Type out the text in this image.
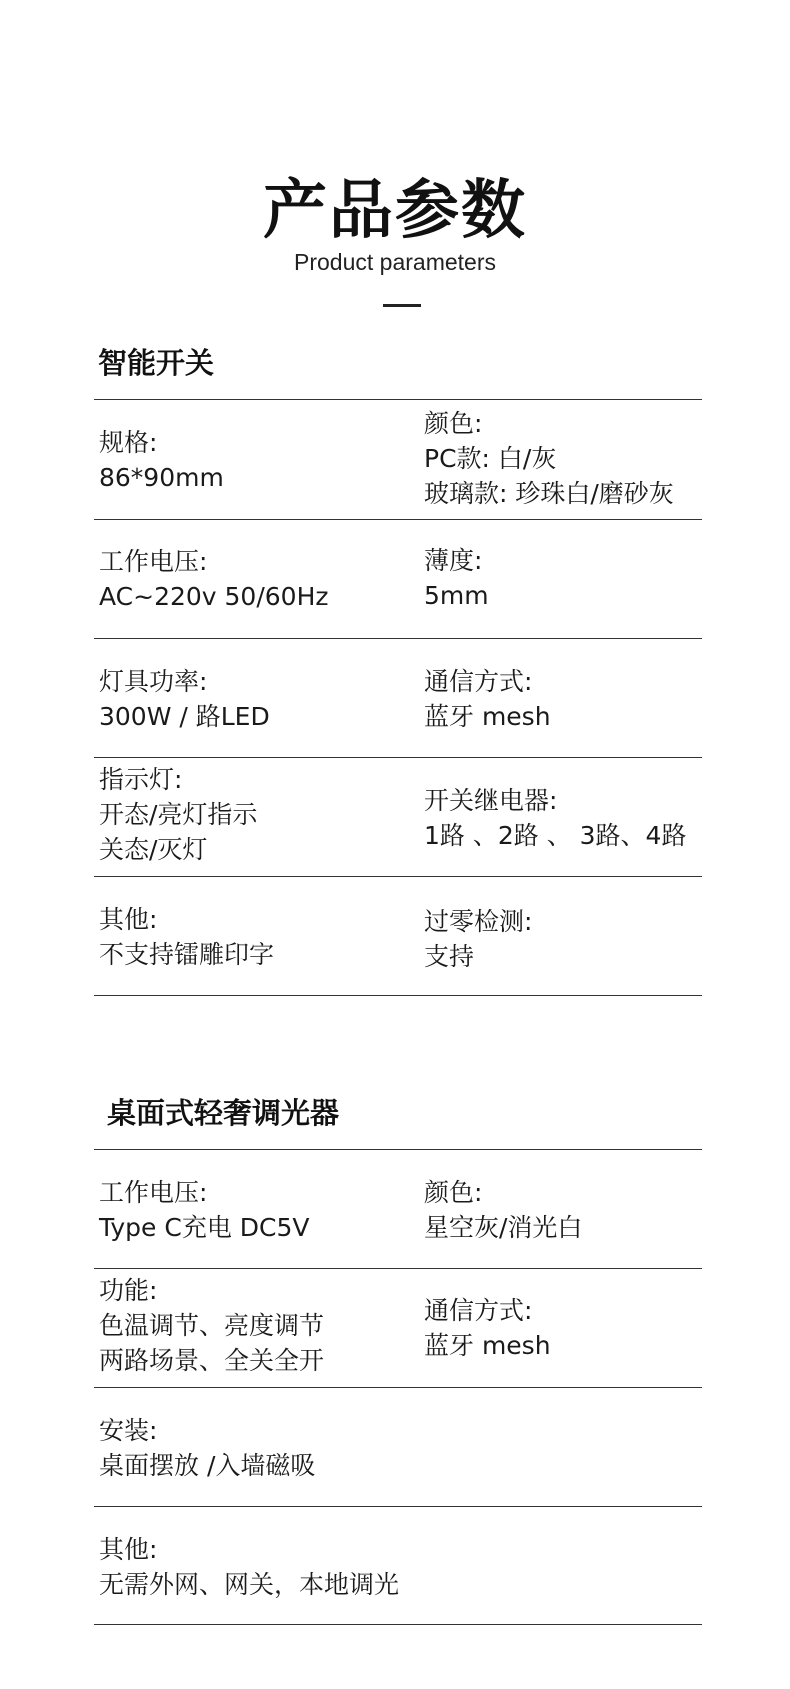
产品参数
Product parameters
智能开关
规格:
86*90mm
颜色:
PC款: 白/灰
玻璃款: 珍珠白/磨砂灰
工作电压:
AC~220v 50/60Hz
薄度:
5mm
灯具功率:
300W / 路LED
通信方式:
蓝牙 mesh
指示灯:
开态/亮灯指示
关态/灭灯
开关继电器:
1路 、2路 、 3路、4路
其他:
不支持镭雕印字
过零检测:
支持
桌面式轻奢调光器
工作电压:
Type C充电 DC5V
颜色:
星空灰/消光白
功能:
色温调节、亮度调节
两路场景、全关全开
通信方式:
蓝牙 mesh
安装:
桌面摆放 /入墙磁吸
其他:
无需外网、网关，本地调光
